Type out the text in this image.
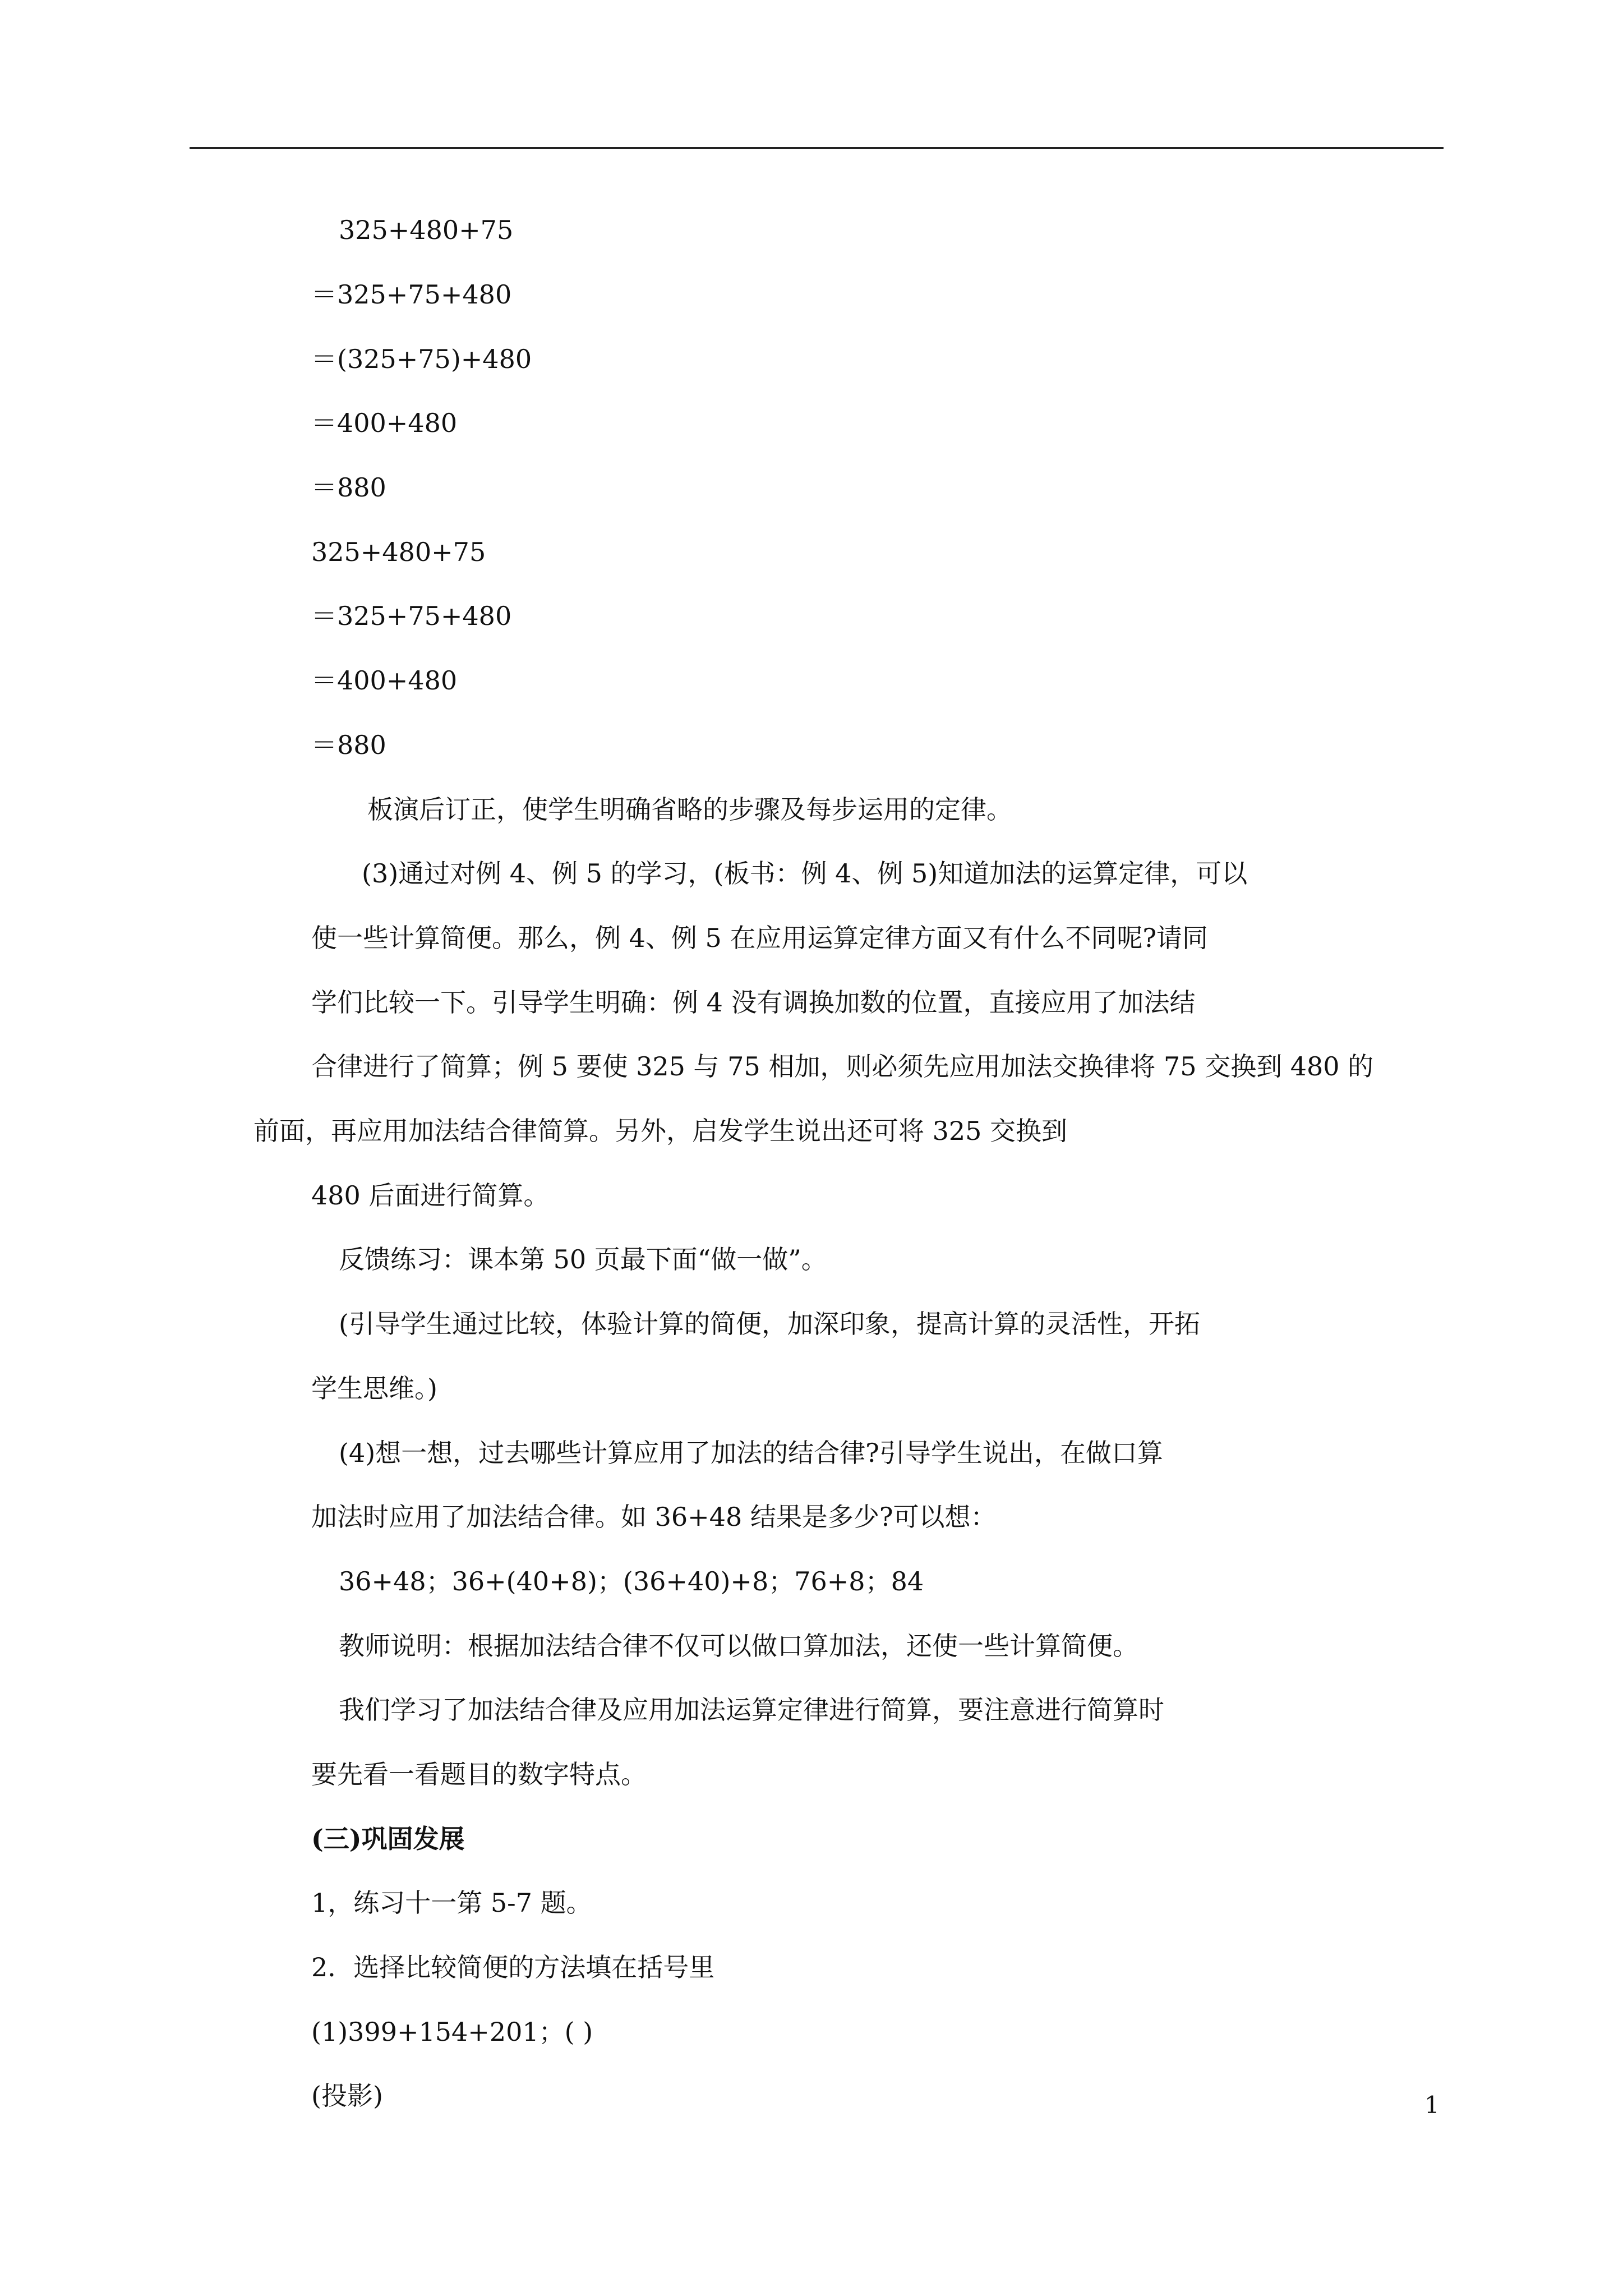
325+480+75
＝325+75+480
＝(325+75)+480
＝400+480
＝880
325+480+75
＝325+75+480
＝400+480
＝880
板演后订正，使学生明确省略的步骤及每步运用的定律。
(3)通过对例 4、例 5 的学习，(板书：例 4、例 5)知道加法的运算定律，可以
使一些计算简便。那么，例 4、例 5 在应用运算定律方面又有什么不同呢?请同
学们比较一下。引导学生明确：例 4 没有调换加数的位置，直接应用了加法结
合律进行了简算；例 5 要使 325 与 75 相加，则必须先应用加法交换律将 75 交换到 480 的
前面，再应用加法结合律简算。另外，启发学生说出还可将 325 交换到
480 后面进行简算。
反馈练习：课本第 50 页最下面“做一做”。
(引导学生通过比较，体验计算的简便，加深印象，提高计算的灵活性，开拓
学生思维。)
(4)想一想，过去哪些计算应用了加法的结合律?引导学生说出，在做口算
加法时应用了加法结合律。如 36+48 结果是多少?可以想：
36+48；36+(40+8)；(36+40)+8；76+8；84
教师说明：根据加法结合律不仅可以做口算加法，还使一些计算简便。
我们学习了加法结合律及应用加法运算定律进行简算，要注意进行简算时
要先看一看题目的数字特点。
(三)巩固发展
1，练习十一第 5-7 题。
2．选择比较简便的方法填在括号里
(1)399+154+201；( )
(投影)	1
